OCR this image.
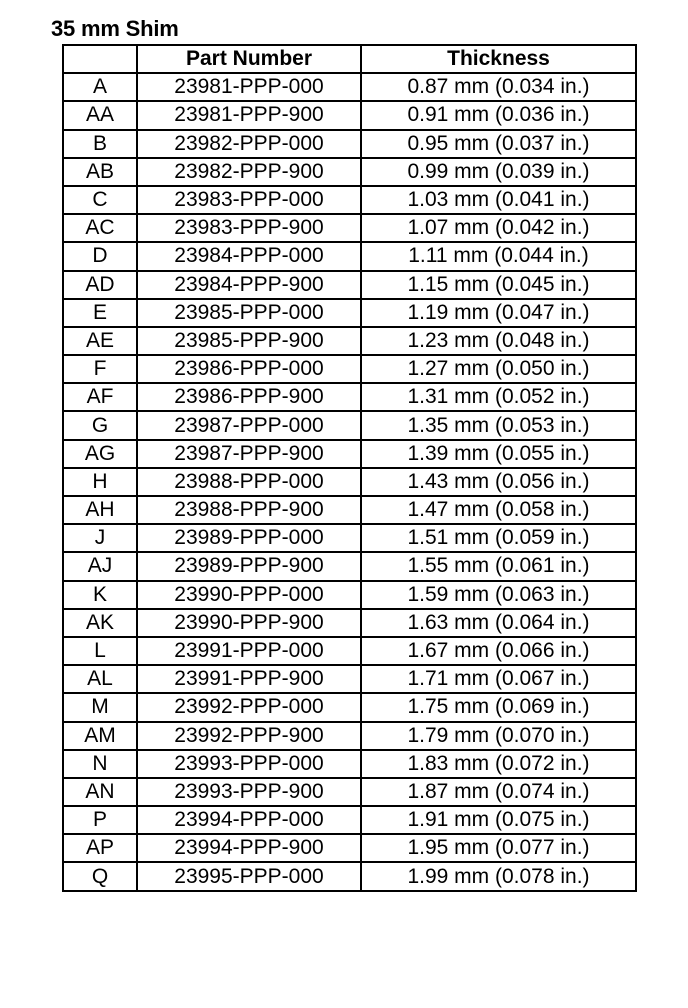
35 mm Shim
	Part Number	Thickness
A	23981-PPP-000	0.87 mm (0.034 in.)
AA	23981-PPP-900	0.91 mm (0.036 in.)
B	23982-PPP-000	0.95 mm (0.037 in.)
AB	23982-PPP-900	0.99 mm (0.039 in.)
C	23983-PPP-000	1.03 mm (0.041 in.)
AC	23983-PPP-900	1.07 mm (0.042 in.)
D	23984-PPP-000	1.11 mm (0.044 in.)
AD	23984-PPP-900	1.15 mm (0.045 in.)
E	23985-PPP-000	1.19 mm (0.047 in.)
AE	23985-PPP-900	1.23 mm (0.048 in.)
F	23986-PPP-000	1.27 mm (0.050 in.)
AF	23986-PPP-900	1.31 mm (0.052 in.)
G	23987-PPP-000	1.35 mm (0.053 in.)
AG	23987-PPP-900	1.39 mm (0.055 in.)
H	23988-PPP-000	1.43 mm (0.056 in.)
AH	23988-PPP-900	1.47 mm (0.058 in.)
J	23989-PPP-000	1.51 mm (0.059 in.)
AJ	23989-PPP-900	1.55 mm (0.061 in.)
K	23990-PPP-000	1.59 mm (0.063 in.)
AK	23990-PPP-900	1.63 mm (0.064 in.)
L	23991-PPP-000	1.67 mm (0.066 in.)
AL	23991-PPP-900	1.71 mm (0.067 in.)
M	23992-PPP-000	1.75 mm (0.069 in.)
AM	23992-PPP-900	1.79 mm (0.070 in.)
N	23993-PPP-000	1.83 mm (0.072 in.)
AN	23993-PPP-900	1.87 mm (0.074 in.)
P	23994-PPP-000	1.91 mm (0.075 in.)
AP	23994-PPP-900	1.95 mm (0.077 in.)
Q	23995-PPP-000	1.99 mm (0.078 in.)
